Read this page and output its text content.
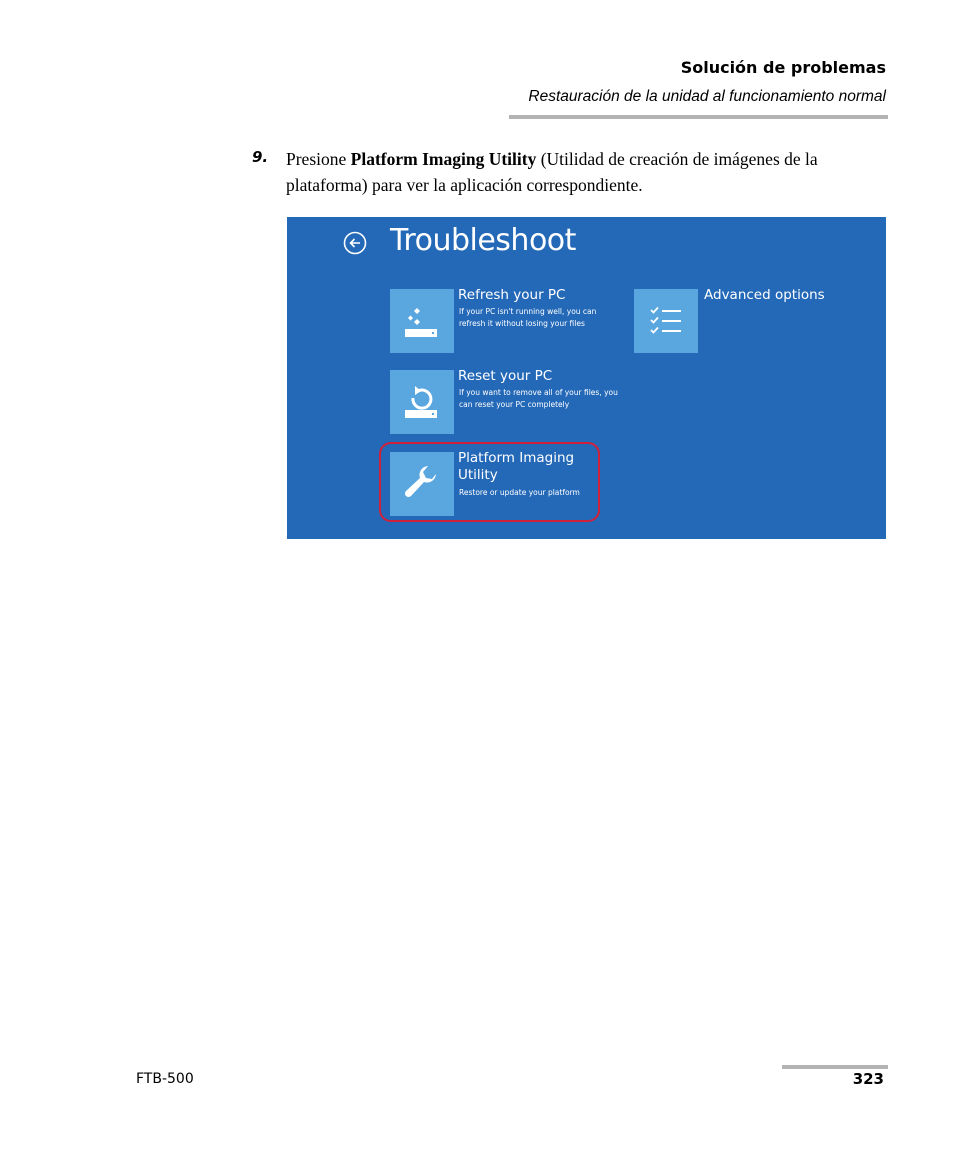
Solución de problemas
Restauración de la unidad al funcionamiento normal
9. Presione Platform Imaging Utility (Utilidad de creación de imágenes de la plataforma) para ver la aplicación correspondiente.
Troubleshoot
Refresh your PC
If your PC isn't running well, you can refresh it without losing your files
Reset your PC
If you want to remove all of your files, you can reset your PC completely
Platform Imaging Utility
Restore or update your platform
Advanced options
FTB-500	323
